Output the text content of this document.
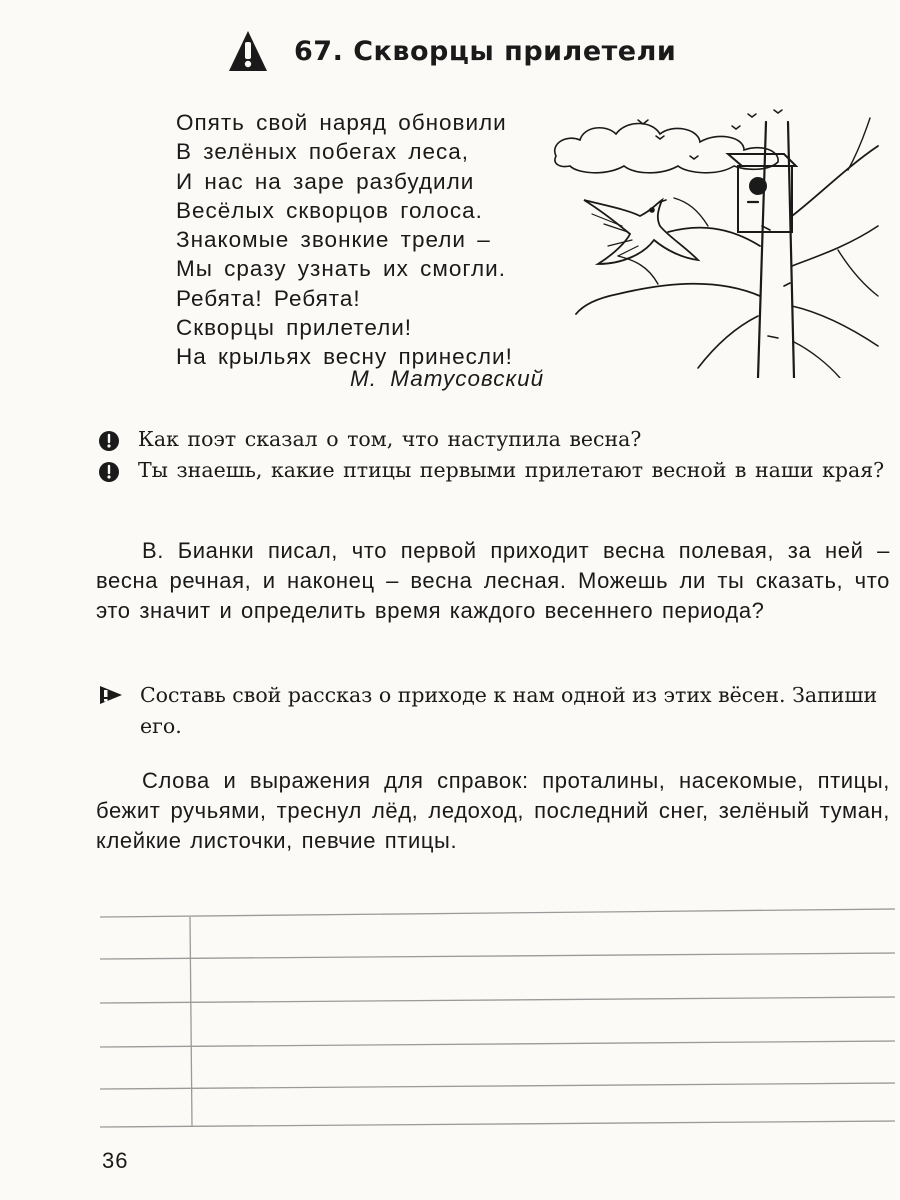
67. Скворцы прилетели
Опять свой наряд обновили
В зелёных побегах леса,
И нас на заре разбудили
Весёлых скворцов голоса.
Знакомые звонкие трели –
Мы сразу узнать их смогли.
Ребята! Ребята!
Скворцы прилетели!
На крыльях весну принесли!
М. Матусовский
Как поэт сказал о том, что наступила весна?
Ты знаешь, какие птицы первыми прилетают весной в наши края?
В. Бианки писал, что первой приходит весна полевая, за ней – весна речная, и наконец – весна лесная. Можешь ли ты сказать, что это значит и определить время каждого весеннего периода?
Составь свой рассказ о приходе к нам одной из этих вёсен. Запиши его.
Слова и выражения для справок: проталины, насекомые, птицы, бежит ручьями, треснул лёд, ледоход, последний снег, зелёный туман, клейкие листочки, певчие птицы.
36
